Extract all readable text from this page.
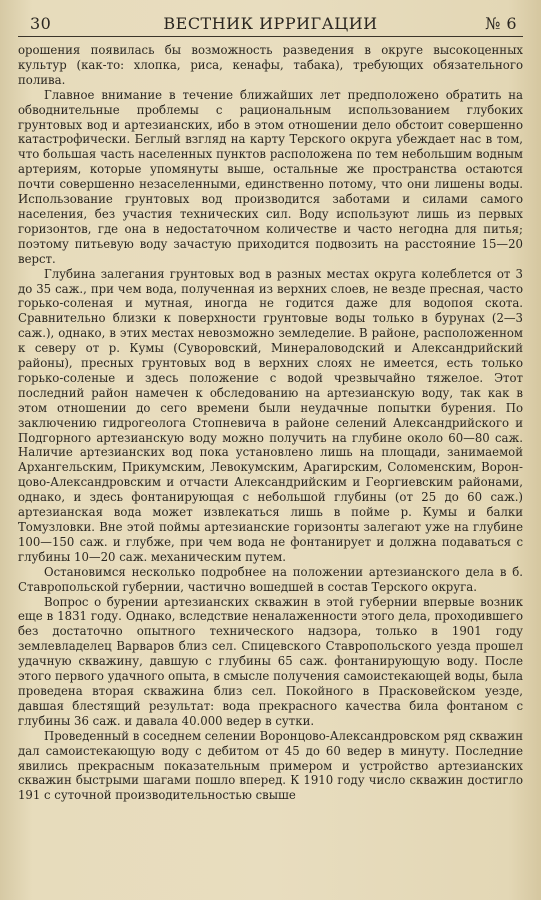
ВЕСТНИК ИРРИГАЦИИ
30	№ 6

орошения появилась бы возможность разведения в округе высокоценных культур (как-то: хлопка, риса, кенафы, табака), требующих обязательного полива.

Главное внимание в течение ближайших лет предположено обратить на обводнительные проблемы с рациональным использованием глубоких грунтовых вод и артезианских, ибо в этом отношении дело обстоит совершенно катастрофически. Беглый взгляд на карту Терского округа убеждает нас в том, что большая часть населенных пунктов расположена по тем небольшим водным артериям, которые упомянуты выше, остальные же пространства остаются почти совершенно незаселенными, единственно потому, что они лишены воды. Использование грунтовых вод производится заботами и силами самого населения, без участия технических сил. Воду используют лишь из первых горизонтов, где она в недостаточном количестве и часто негодна для питья; поэтому питьевую воду зачастую приходится подвозить на расстояние 15—20 верст.

Глубина залегания грунтовых вод в разных местах округа колеблется от 3 до 35 саж., при чем вода, полученная из верхних слоев, не везде пресная, часто горько-соленая и мутная, иногда не годится даже для водопоя скота. Сравнительно близки к поверхности грунтовые воды только в бурунах (2—3 саж.), однако, в этих местах невозможно земледелие. В районе, расположенном к северу от р. Кумы (Суворовский, Минераловодский и Александрийский районы), пресных грунтовых вод в верхних слоях не имеется, есть только горько-соленые и здесь положение с водой чрезвычайно тяжелое. Этот последний район намечен к обследованию на артезианскую воду, так как в этом отношении до сего времени были неудачные попытки бурения. По заключению гидрогеолога Стопневича в районе селений Александрийского и Подгорного артезианскую воду можно получить на глубине около 60—80 саж. Наличие артезианских вод пока установлено лишь на площади, занимаемой Архангельским, Прикумским, Левокумским, Арагирским, Соломенским, Воронцово-Александровским и отчасти Александрийским и Георгиевским районами, однако, и здесь фонтанирующая с небольшой глубины (от 25 до 60 саж.) артезианская вода может извлекаться лишь в пойме р. Кумы и балки Томузловки. Вне этой поймы артезианские горизонты залегают уже на глубине 100—150 саж. и глубже, при чем вода не фонтанирует и должна подаваться с глубины 10—20 саж. механическим путем.

Остановимся несколько подробнее на положении артезианского дела в б. Ставропольской губернии, частично вошедшей в состав Терского округа.

Вопрос о бурении артезианских скважин в этой губернии впервые возник еще в 1831 году. Однако, вследствие неналаженности этого дела, проходившего без достаточно опытного технического надзора, только в 1901 году землевладелец Варваров близ сел. Спицевского Ставропольского уезда прошел удачную скважину, давшую с глубины 65 саж. фонтанирующую воду. После этого первого удачного опыта, в смысле получения самоистекающей воды, была проведена вторая скважина близ сел. Покойного в Прасковейском уезде, давшая блестящий результат: вода прекрасного качества била фонтаном с глубины 36 саж. и давала 40.000 ведер в сутки.

Проведенный в соседнем селении Воронцово-Александровском ряд скважин дал самоистекающую воду с дебитом от 45 до 60 ведер в минуту. Последние явились прекрасным показательным примером и устройство артезианских скважин быстрыми шагами пошло вперед. К 1910 году число скважин достигло 191 с суточной производительностью свыше
